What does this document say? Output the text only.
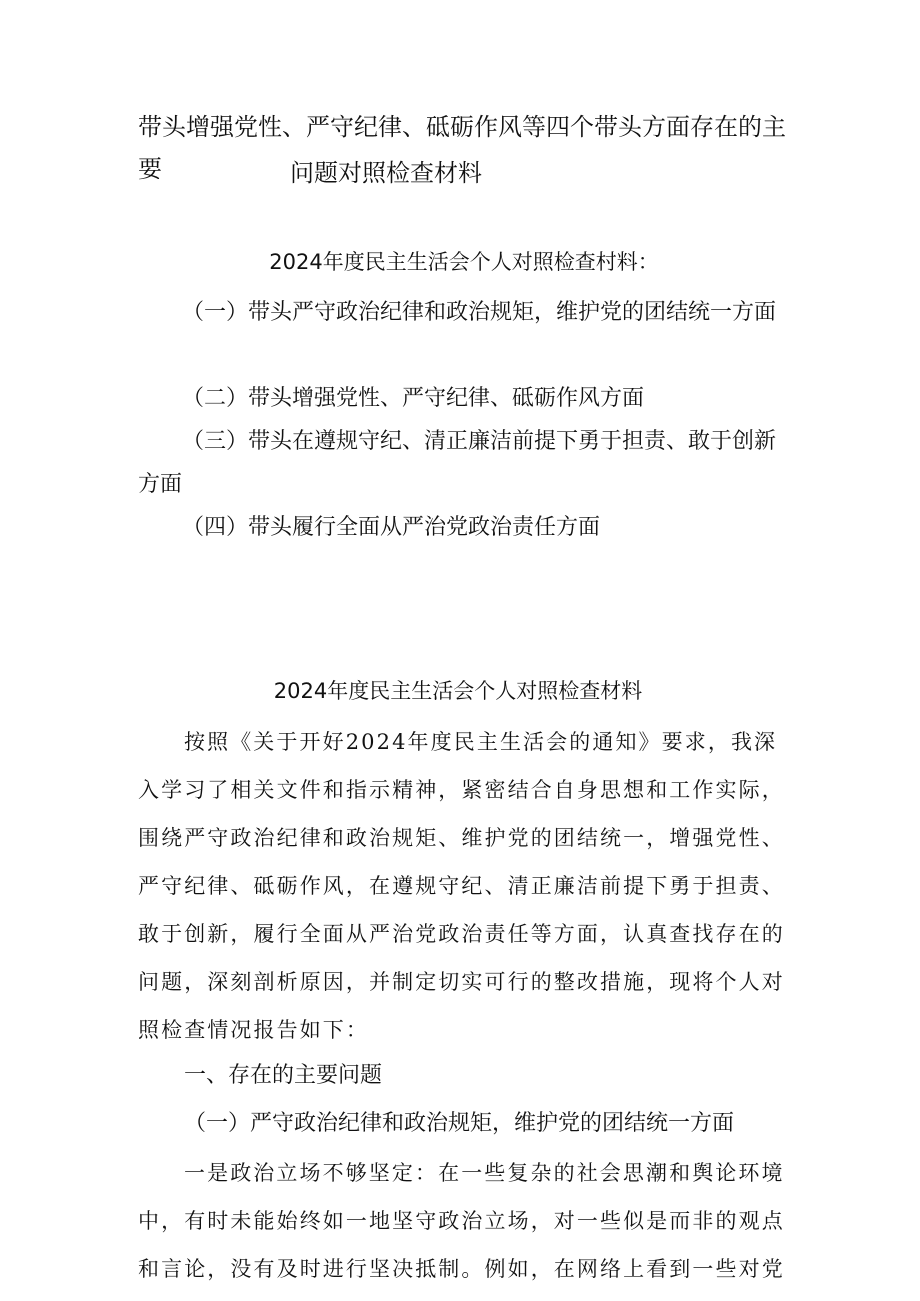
带头增强党性、严守纪律、砥砺作风等四个带头方面存在的主要	问题对照检查材料
2024年度民主生活会个人对照检查村料：
（一）带头严守政治纪律和政治规矩，维护党的团结统一方面
（二）带头增强党性、严守纪律、砥砺作风方面
（三）带头在遵规守纪、清正廉洁前提下勇于担责、敢于创新方面
（四）带头履行全面从严治党政治责任方面
2024年度民主生活会个人对照检查材料
按照《关于开好2024年度民主生活会的通知》要求，我深入学习了相关文件和指示精神，紧密结合自身思想和工作实际，围绕严守政治纪律和政治规矩、维护党的团结统一，增强党性、严守纪律、砥砺作风，在遵规守纪、清正廉洁前提下勇于担责、敢于创新，履行全面从严治党政治责任等方面，认真查找存在的问题，深刻剖析原因，并制定切实可行的整改措施，现将个人对照检查情况报告如下：
一、存在的主要问题
（一）严守政治纪律和政治规矩，维护党的团结统一方面
一是政治立场不够坚定：在一些复杂的社会思潮和舆论环境中，有时未能始终如一地坚守政治立场，对一些似是而非的观点和言论，没有及时进行坚决抵制。例如，在网络上看到一些对党
